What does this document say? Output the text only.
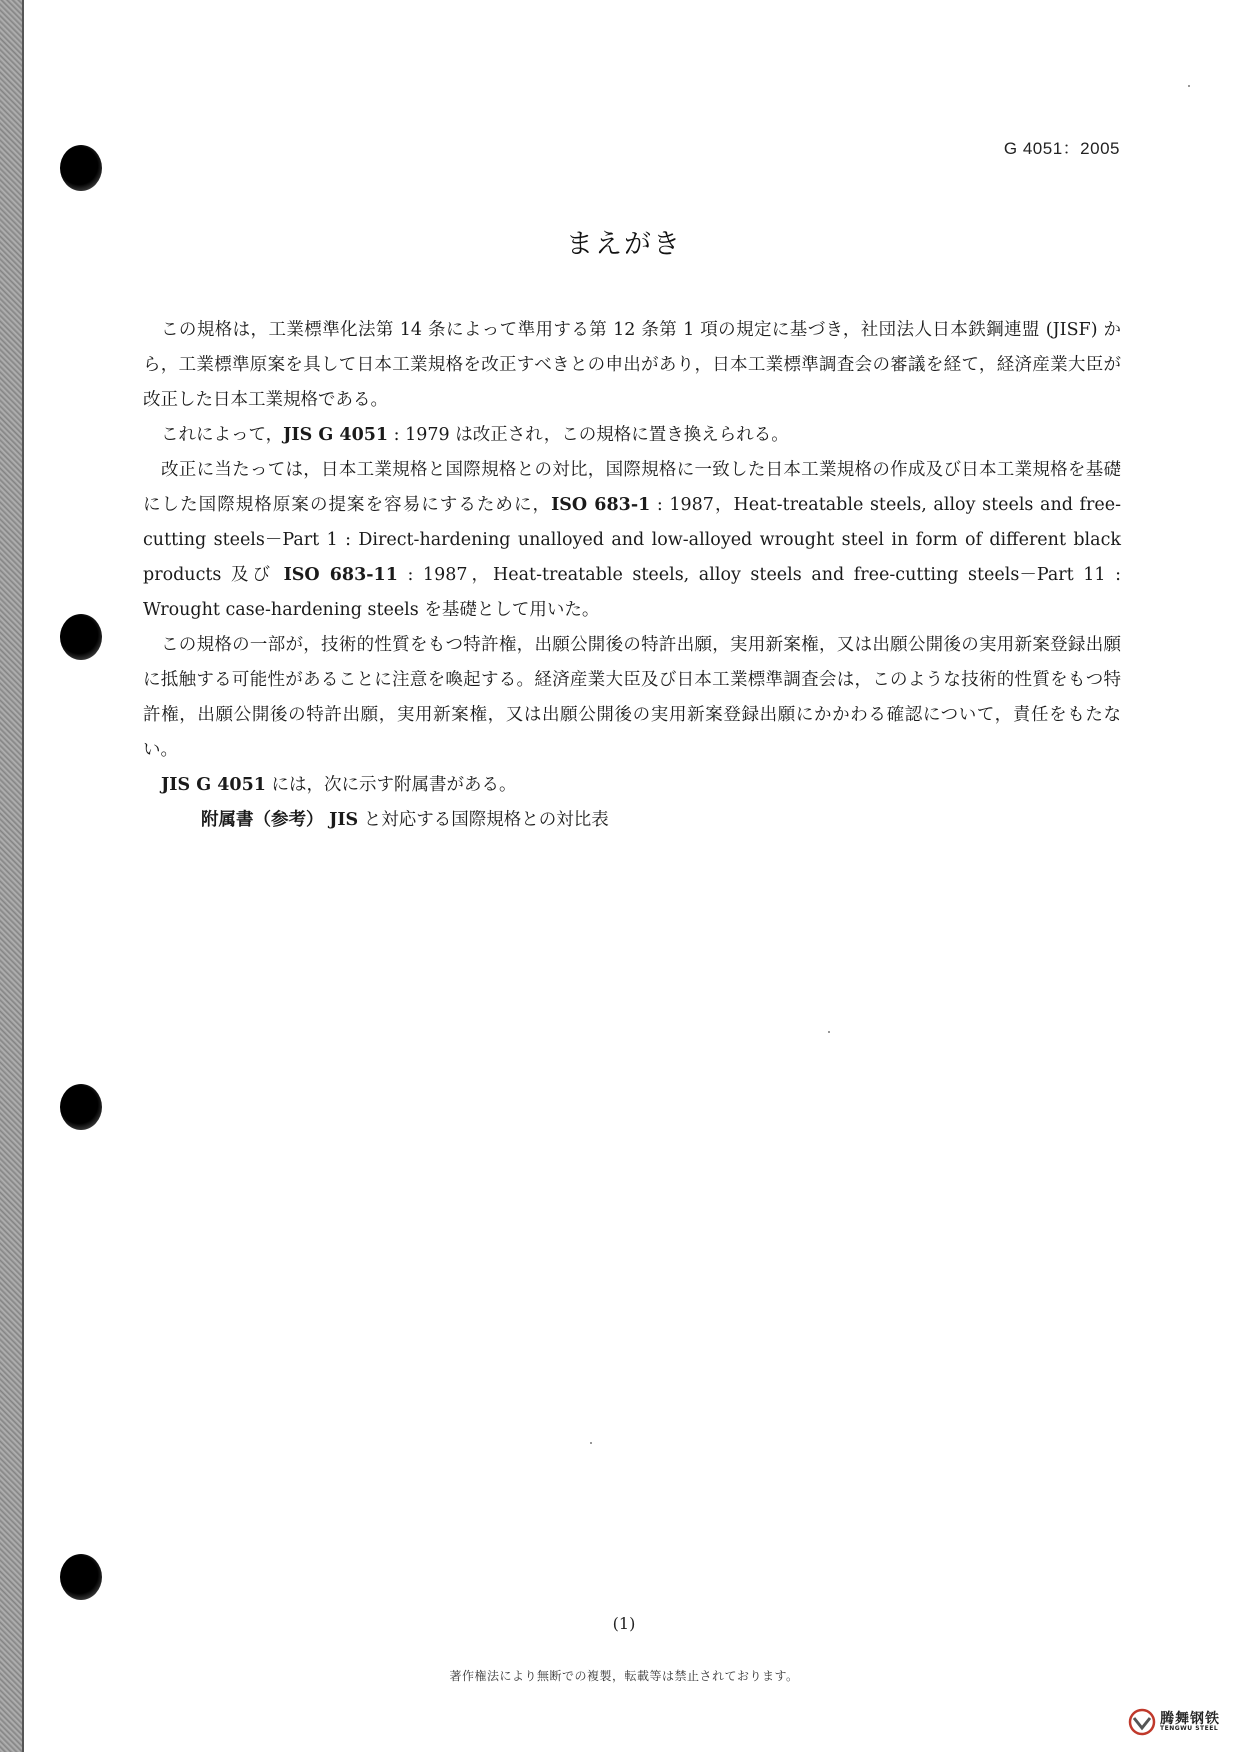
G 4051：2005
まえがき

この規格は，工業標準化法第 14 条によって準用する第 12 条第 1 項の規定に基づき，社団法人日本鉄鋼連盟 (JISF) から，工業標準原案を具して日本工業規格を改正すべきとの申出があり，日本工業標準調査会の審議を経て，経済産業大臣が改正した日本工業規格である。

これによって，JIS G 4051 : 1979 は改正され，この規格に置き換えられる。

改正に当たっては，日本工業規格と国際規格との対比，国際規格に一致した日本工業規格の作成及び日本工業規格を基礎にした国際規格原案の提案を容易にするために，ISO 683-1 : 1987，Heat-treatable steels, alloy steels and free-cutting steels－Part 1 : Direct-hardening unalloyed and low-alloyed wrought steel in form of different black products 及び ISO 683-11 : 1987，Heat-treatable steels, alloy steels and free-cutting steels－Part 11 : Wrought case-hardening steels を基礎として用いた。

この規格の一部が，技術的性質をもつ特許権，出願公開後の特許出願，実用新案権，又は出願公開後の実用新案登録出願に抵触する可能性があることに注意を喚起する。経済産業大臣及び日本工業標準調査会は，このような技術的性質をもつ特許権，出願公開後の特許出願，実用新案権，又は出願公開後の実用新案登録出願にかかわる確認について，責任をもたない。

JIS G 4051 には，次に示す附属書がある。

附属書（参考） JIS と対応する国際規格との対比表

(1)
著作権法により無断での複製，転載等は禁止されております。
腾舞钢铁
TENGWU STEEL
